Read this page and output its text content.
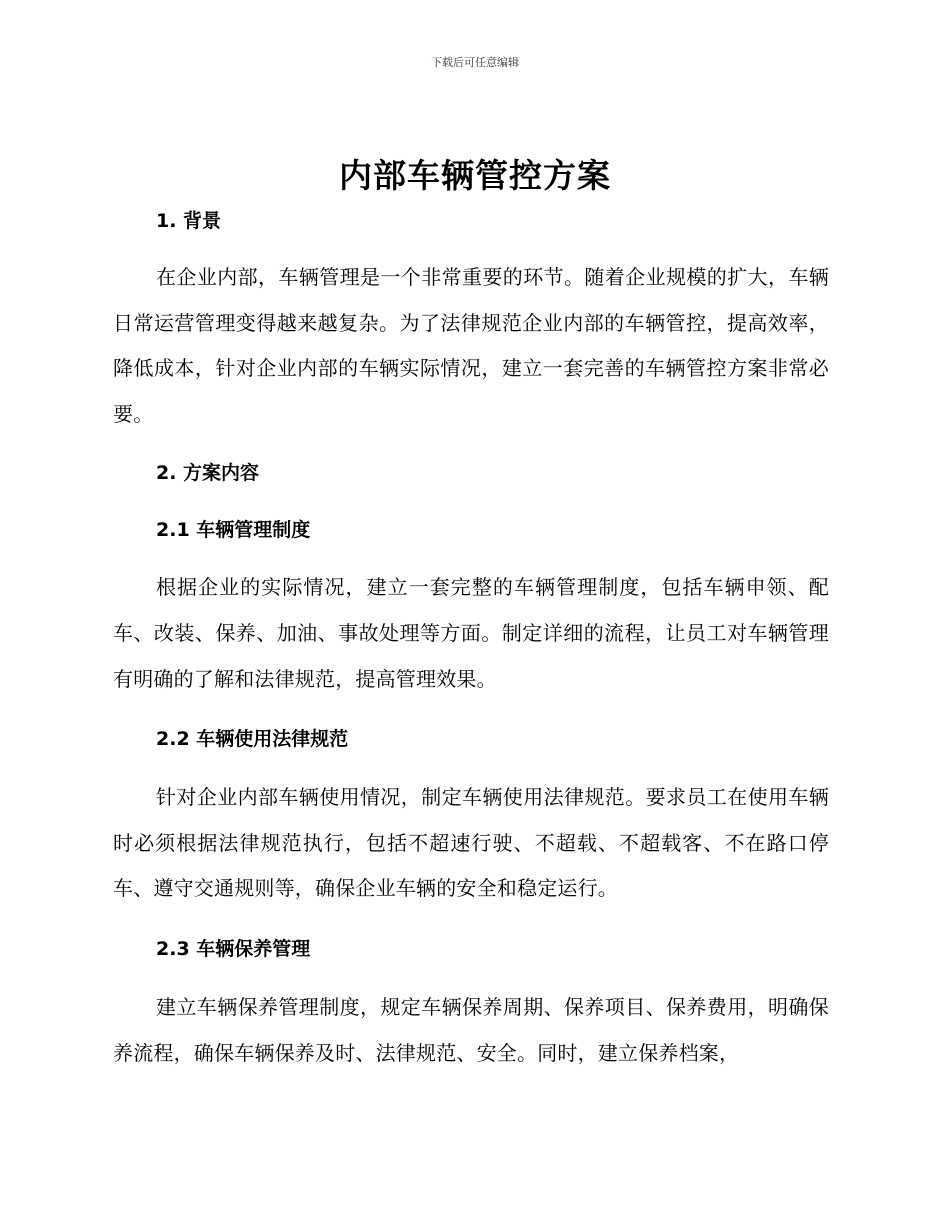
下载后可任意编辑
内部车辆管控方案
1. 背景

在企业内部，车辆管理是一个非常重要的环节。随着企业规模的扩大，车辆日常运营管理变得越来越复杂。为了法律规范企业内部的车辆管控，提高效率，降低成本，针对企业内部的车辆实际情况，建立一套完善的车辆管控方案非常必要。

2. 方案内容
2.1 车辆管理制度

根据企业的实际情况，建立一套完整的车辆管理制度，包括车辆申领、配车、改装、保养、加油、事故处理等方面。制定详细的流程，让员工对车辆管理有明确的了解和法律规范，提高管理效果。

2.2 车辆使用法律规范

针对企业内部车辆使用情况，制定车辆使用法律规范。要求员工在使用车辆时必须根据法律规范执行，包括不超速行驶、不超载、不超载客、不在路口停车、遵守交通规则等，确保企业车辆的安全和稳定运行。

2.3 车辆保养管理

建立车辆保养管理制度，规定车辆保养周期、保养项目、保养费用，明确保养流程，确保车辆保养及时、法律规范、安全。同时，建立保养档案，
